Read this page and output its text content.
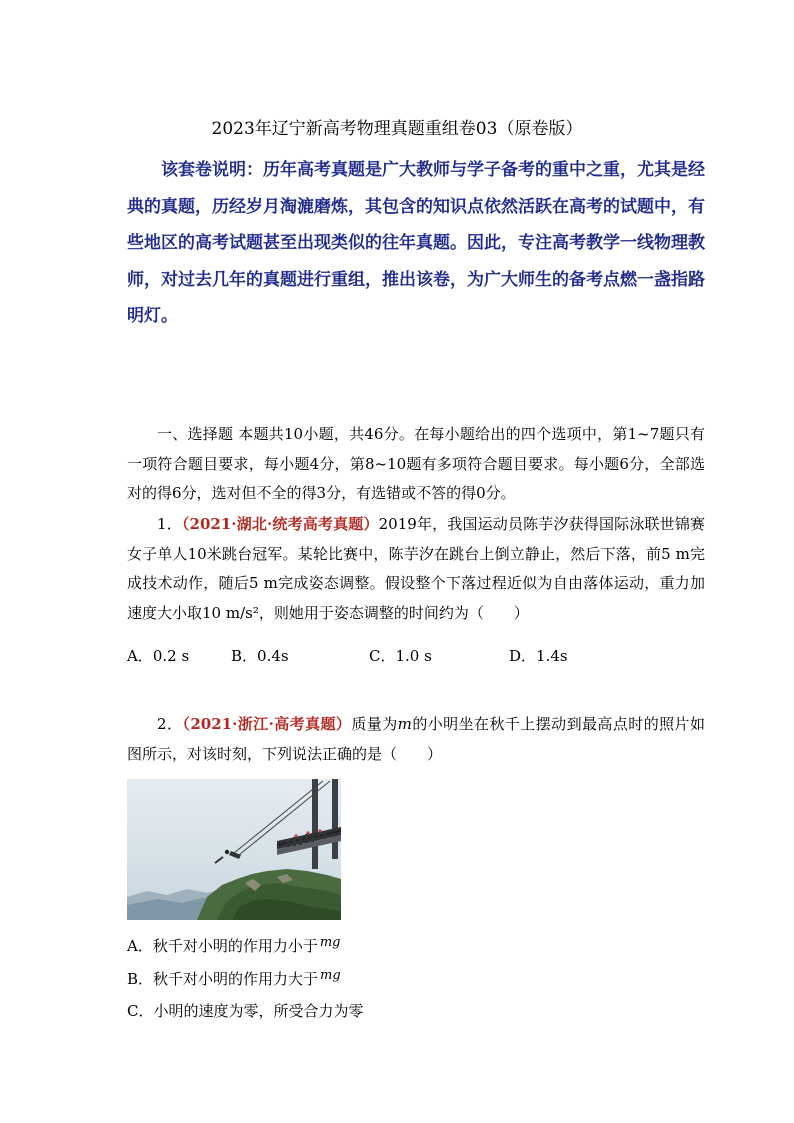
2023年辽宁新高考物理真题重组卷03（原卷版）
该套卷说明：历年高考真题是广大教师与学子备考的重中之重，尤其是经典的真题，历经岁月淘漉磨炼，其包含的知识点依然活跃在高考的试题中，有些地区的高考试题甚至出现类似的往年真题。因此，专注高考教学一线物理教师，对过去几年的真题进行重组，推出该卷，为广大师生的备考点燃一盏指路明灯。
一、选择题 本题共10小题，共46分。在每小题给出的四个选项中，第1~7题只有一项符合题目要求，每小题4分，第8~10题有多项符合题目要求。每小题6分，全部选对的得6分，选对但不全的得3分，有选错或不答的得0分。
1．（2021·湖北·统考高考真题）2019年，我国运动员陈芋汐获得国际泳联世锦赛女子单人10米跳台冠军。某轮比赛中，陈芋汐在跳台上倒立静止，然后下落，前5 m完成技术动作，随后5 m完成姿态调整。假设整个下落过程近似为自由落体运动，重力加速度大小取10 m/s²，则她用于姿态调整的时间约为（　　）
A．0.2 s	B．0.4s	C．1.0 s	D．1.4s
2．（2021·浙江·高考真题）质量为m的小明坐在秋千上摆动到最高点时的照片如图所示，对该时刻，下列说法正确的是（　　）
A．秋千对小明的作用力小于 mg
B．秋千对小明的作用力大于 mg
C．小明的速度为零，所受合力为零
